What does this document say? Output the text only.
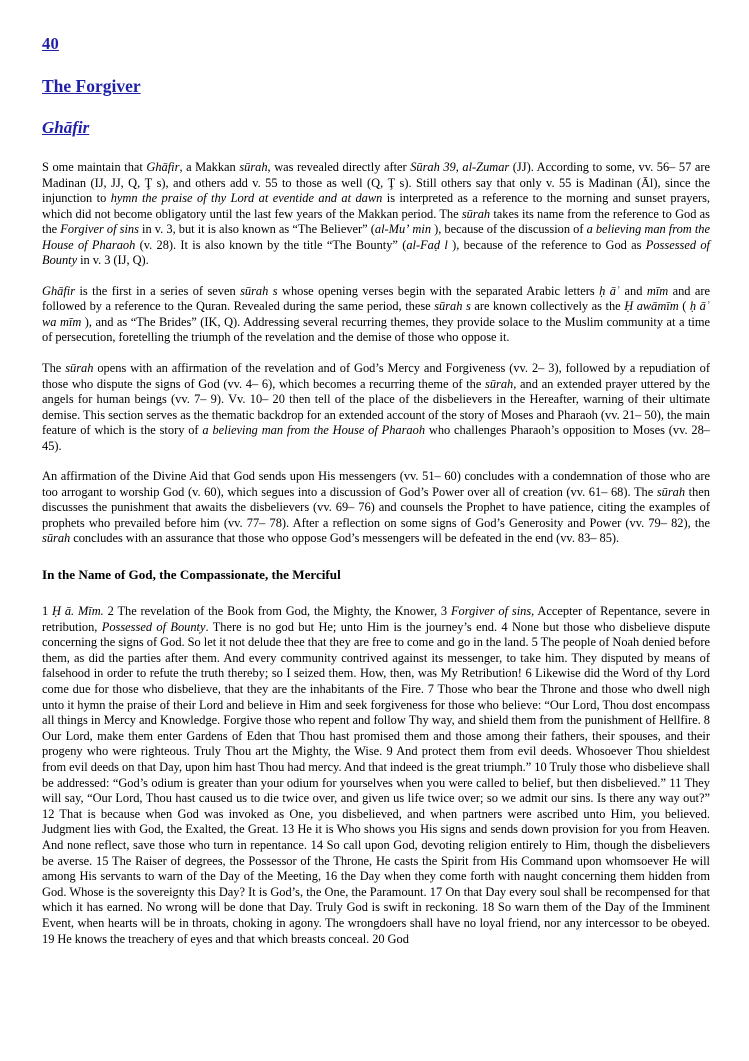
40
The Forgiver
Ghāfir

S ome maintain that Ghāfir, a Makkan sūrah, was revealed directly after Sūrah 39, al-Zumar (JJ). According to some, vv. 56– 57 are Madinan (IJ, JJ, Q, Ţ s), and others add v. 55 to those as well (Q, Ţ s). Still others say that only v. 55 is Madinan (Āl), since the injunction to hymn the praise of thy Lord at eventide and at dawn is interpreted as a reference to the morning and sunset prayers, which did not become obligatory until the last few years of the Makkan period. The sūrah takes its name from the reference to God as the Forgiver of sins in v. 3, but it is also known as “The Believer” (al-Muʼ min ), because of the discussion of a believing man from the House of Pharaoh (v. 28). It is also known by the title “The Bounty” (al-Faḍ l ), because of the reference to God as Possessed of Bounty in v. 3 (IJ, Q).

Ghāfir is the first in a series of seven sūrah s whose opening verses begin with the separated Arabic letters ḥ āʾ and mīm and are followed by a reference to the Quran. Revealed during the same period, these sūrah s are known collectively as the Ḥ awāmīm ( ḥ āʾ wa mīm ), and as “The Brides” (IK, Q). Addressing several recurring themes, they provide solace to the Muslim community at a time of persecution, foretelling the triumph of the revelation and the demise of those who oppose it.

The sūrah opens with an affirmation of the revelation and of God’s Mercy and Forgiveness (vv. 2– 3), followed by a repudiation of those who dispute the signs of God (vv. 4– 6), which becomes a recurring theme of the sūrah, and an extended prayer uttered by the angels for human beings (vv. 7– 9). Vv. 10– 20 then tell of the place of the disbelievers in the Hereafter, warning of their ultimate demise. This section serves as the thematic backdrop for an extended account of the story of Moses and Pharaoh (vv. 21– 50), the main feature of which is the story of a believing man from the House of Pharaoh who challenges Pharaoh’s opposition to Moses (vv. 28– 45).

An affirmation of the Divine Aid that God sends upon His messengers (vv. 51– 60) concludes with a condemnation of those who are too arrogant to worship God (v. 60), which segues into a discussion of God’s Power over all of creation (vv. 61– 68). The sūrah then discusses the punishment that awaits the disbelievers (vv. 69– 76) and counsels the Prophet to have patience, citing the examples of prophets who prevailed before him (vv. 77– 78). After a reflection on some signs of God’s Generosity and Power (vv. 79– 82), the sūrah concludes with an assurance that those who oppose God’s messengers will be defeated in the end (vv. 83– 85).

In the Name of God, the Compassionate, the Merciful

1 Ḥ ā. Mīm. 2 The revelation of the Book from God, the Mighty, the Knower, 3 Forgiver of sins, Accepter of Repentance, severe in retribution, Possessed of Bounty. There is no god but He; unto Him is the journey’s end. 4 None but those who disbelieve dispute concerning the signs of God. So let it not delude thee that they are free to come and go in the land. 5 The people of Noah denied before them, as did the parties after them. And every community contrived against its messenger, to take him. They disputed by means of falsehood in order to refute the truth thereby; so I seized them. How, then, was My Retribution! 6 Likewise did the Word of thy Lord come due for those who disbelieve, that they are the inhabitants of the Fire. 7 Those who bear the Throne and those who dwell nigh unto it hymn the praise of their Lord and believe in Him and seek forgiveness for those who believe: “Our Lord, Thou dost encompass all things in Mercy and Knowledge. Forgive those who repent and follow Thy way, and shield them from the punishment of Hellfire. 8 Our Lord, make them enter Gardens of Eden that Thou hast promised them and those among their fathers, their spouses, and their progeny who were righteous. Truly Thou art the Mighty, the Wise. 9 And protect them from evil deeds. Whosoever Thou shieldest from evil deeds on that Day, upon him hast Thou had mercy. And that indeed is the great triumph.” 10 Truly those who disbelieve shall be addressed: “God’s odium is greater than your odium for yourselves when you were called to belief, but then disbelieved.” 11 They will say, “Our Lord, Thou hast caused us to die twice over, and given us life twice over; so we admit our sins. Is there any way out?” 12 That is because when God was invoked as One, you disbelieved, and when partners were ascribed unto Him, you believed. Judgment lies with God, the Exalted, the Great. 13 He it is Who shows you His signs and sends down provision for you from Heaven. And none reflect, save those who turn in repentance. 14 So call upon God, devoting religion entirely to Him, though the disbelievers be averse. 15 The Raiser of degrees, the Possessor of the Throne, He casts the Spirit from His Command upon whomsoever He will among His servants to warn of the Day of the Meeting, 16 the Day when they come forth with naught concerning them hidden from God. Whose is the sovereignty this Day? It is God’s, the One, the Paramount. 17 On that Day every soul shall be recompensed for that which it has earned. No wrong will be done that Day. Truly God is swift in reckoning. 18 So warn them of the Day of the Imminent Event, when hearts will be in throats, choking in agony. The wrongdoers shall have no loyal friend, nor any intercessor to be obeyed. 19 He knows the treachery of eyes and that which breasts conceal. 20 God
